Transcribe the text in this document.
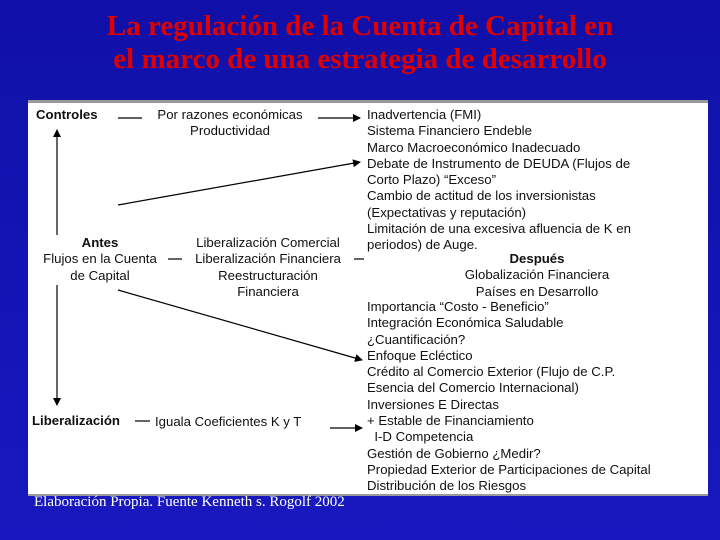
La regulación de la Cuenta de Capital en
el marco de una estrategia de desarrollo
Controles	Por razones económicas
Productividad
Antes
Flujos en la Cuenta
de Capital
Liberalización Comercial
Liberalización Financiera
Reestructuración
Financiera
Liberalización	Iguala Coeficientes K y T
Inadvertencia (FMI)
Sistema Financiero Endeble
Marco Macroeconómico Inadecuado
Debate de Instrumento de DEUDA (Flujos de
Corto Plazo) “Exceso”
Cambio de actitud de los inversionistas
(Expectativas y reputación)
Limitación de una excesiva afluencia de K en
periodos) de Auge.
Después
Globalización Financiera
Países en Desarrollo
Importancia “Costo - Beneficio”
Integración Económica Saludable
¿Cuantificación?
Enfoque Ecléctico
Crédito al Comercio Exterior (Flujo de C.P.
Esencia del Comercio Internacional)
Inversiones E Directas
+ Estable de Financiamiento
I-D Competencia
Gestión de Gobierno ¿Medir?
Propiedad Exterior de Participaciones de Capital
Distribución de los Riesgos
Elaboración Propia. Fuente Kenneth s. Rogolf 2002
